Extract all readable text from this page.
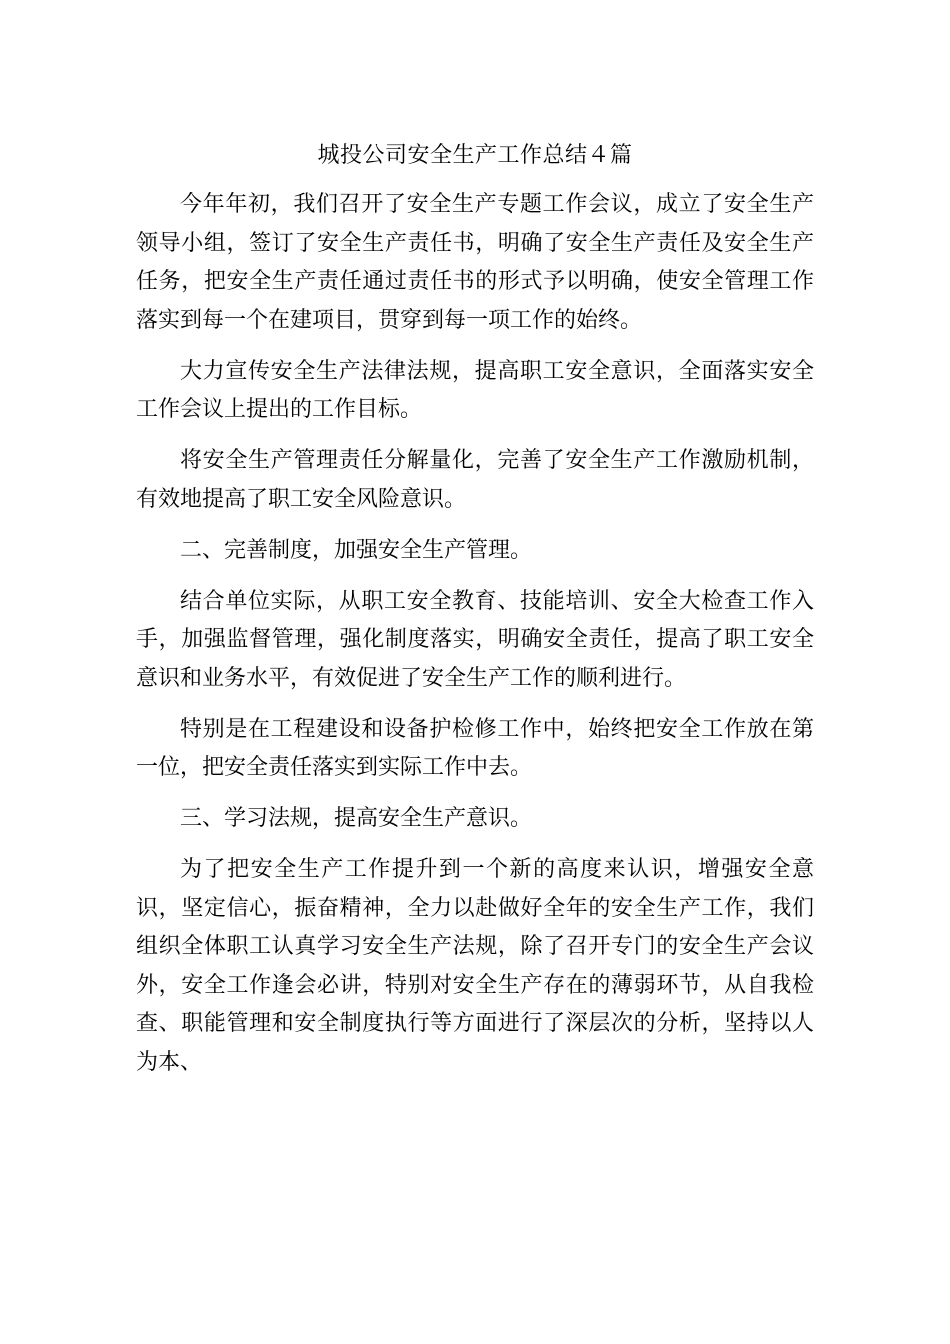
城投公司安全生产工作总结４篇

今年年初，我们召开了安全生产专题工作会议，成立了安全生产领导小组，签订了安全生产责任书，明确了安全生产责任及安全生产任务，把安全生产责任通过责任书的形式予以明确，使安全管理工作落实到每一个在建项目，贯穿到每一项工作的始终。

大力宣传安全生产法律法规，提高职工安全意识，全面落实安全工作会议上提出的工作目标。

将安全生产管理责任分解量化，完善了安全生产工作激励机制，有效地提高了职工安全风险意识。

二、完善制度，加强安全生产管理。

结合单位实际，从职工安全教育、技能培训、安全大检查工作入手，加强监督管理，强化制度落实，明确安全责任，提高了职工安全意识和业务水平，有效促进了安全生产工作的顺利进行。

特别是在工程建设和设备护检修工作中，始终把安全工作放在第一位，把安全责任落实到实际工作中去。

三、学习法规，提高安全生产意识。

为了把安全生产工作提升到一个新的高度来认识，增强安全意识，坚定信心，振奋精神，全力以赴做好全年的安全生产工作，我们组织全体职工认真学习安全生产法规，除了召开专门的安全生产会议外，安全工作逢会必讲，特别对安全生产存在的薄弱环节，从自我检查、职能管理和安全制度执行等方面进行了深层次的分析，坚持以人为本、
